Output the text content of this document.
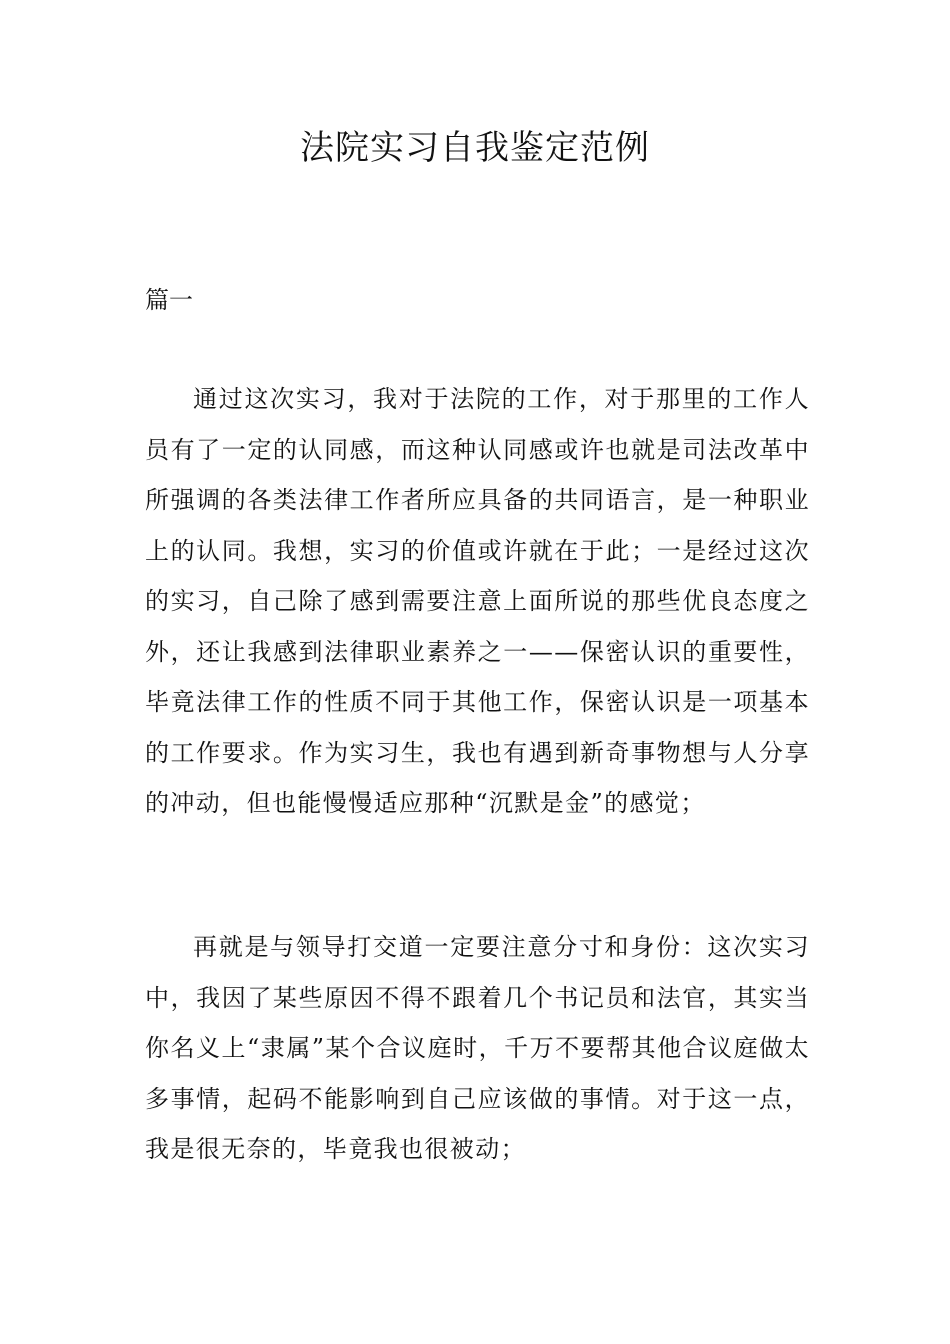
法院实习自我鉴定范例
篇一

通过这次实习，我对于法院的工作，对于那里的工作人员有了一定的认同感，而这种认同感或许也就是司法改革中所强调的各类法律工作者所应具备的共同语言，是一种职业上的认同。我想，实习的价值或许就在于此；一是经过这次的实习，自己除了感到需要注意上面所说的那些优良态度之外，还让我感到法律职业素养之一——保密认识的重要性，毕竟法律工作的性质不同于其他工作，保密认识是一项基本的工作要求。作为实习生，我也有遇到新奇事物想与人分享的冲动，但也能慢慢适应那种“沉默是金”的感觉；

再就是与领导打交道一定要注意分寸和身份：这次实习中，我因了某些原因不得不跟着几个书记员和法官，其实当你名义上“隶属”某个合议庭时，千万不要帮其他合议庭做太多事情，起码不能影响到自己应该做的事情。对于这一点，我是很无奈的，毕竟我也很被动；
